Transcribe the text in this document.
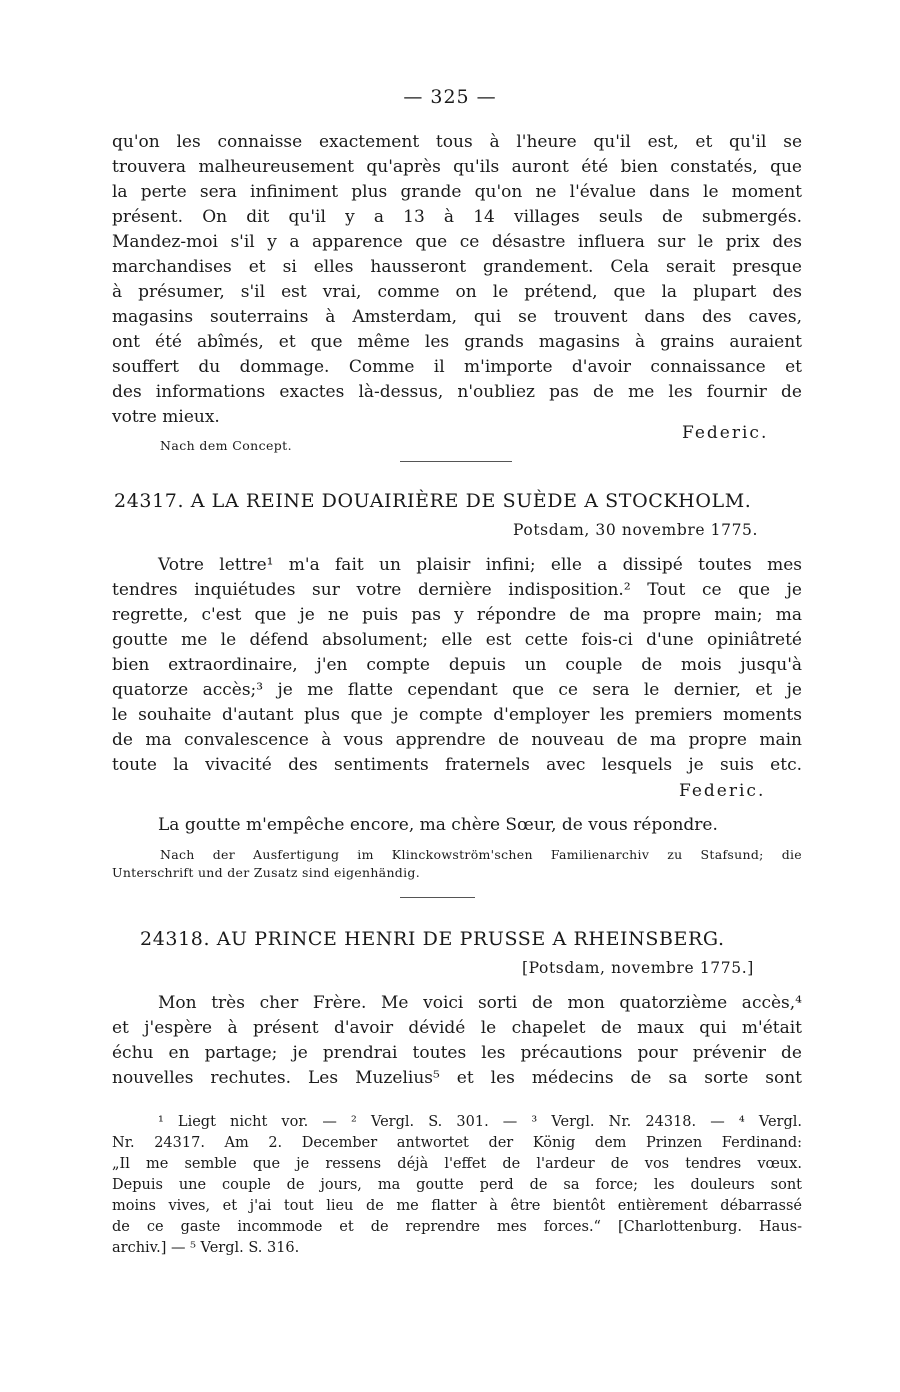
— 325 —
qu'on les connaisse exactement tous à l'heure qu'il est, et qu'il se
trouvera malheureusement qu'après qu'ils auront été bien constatés, que
la perte sera infiniment plus grande qu'on ne l'évalue dans le moment
présent. On dit qu'il y a 13 à 14 villages seuls de submergés.
Mandez-moi s'il y a apparence que ce désastre influera sur le prix des
marchandises et si elles hausseront grandement. Cela serait presque
à présumer, s'il est vrai, comme on le prétend, que la plupart des
magasins souterrains à Amsterdam, qui se trouvent dans des caves,
ont été abîmés, et que même les grands magasins à grains auraient
souffert du dommage. Comme il m'importe d'avoir connaissance et
des informations exactes là-dessus, n'oubliez pas de me les fournir de
votre mieux.
Federic.
Nach dem Concept.
24317. A LA REINE DOUAIRIÈRE DE SUÈDE A STOCKHOLM.
Potsdam, 30 novembre 1775.
Votre lettre¹ m'a fait un plaisir infini; elle a dissipé toutes mes
tendres inquiétudes sur votre dernière indisposition.² Tout ce que je
regrette, c'est que je ne puis pas y répondre de ma propre main; ma
goutte me le défend absolument; elle est cette fois-ci d'une opiniâtreté
bien extraordinaire, j'en compte depuis un couple de mois jusqu'à
quatorze accès;³ je me flatte cependant que ce sera le dernier, et je
le souhaite d'autant plus que je compte d'employer les premiers moments
de ma convalescence à vous apprendre de nouveau de ma propre main
toute la vivacité des sentiments fraternels avec lesquels je suis etc.
Federic.
La goutte m'empêche encore, ma chère Sœur, de vous répondre.
Nach der Ausfertigung im Klinckowström'schen Familienarchiv zu Stafsund; die
Unterschrift und der Zusatz sind eigenhändig.
24318. AU PRINCE HENRI DE PRUSSE A RHEINSBERG.
[Potsdam, novembre 1775.]
Mon très cher Frère. Me voici sorti de mon quatorzième accès,⁴
et j'espère à présent d'avoir dévidé le chapelet de maux qui m'était
échu en partage; je prendrai toutes les précautions pour prévenir de
nouvelles rechutes. Les Muzelius⁵ et les médecins de sa sorte sont
¹ Liegt nicht vor. — ² Vergl. S. 301. — ³ Vergl. Nr. 24318. — ⁴ Vergl.
Nr. 24317. Am 2. December antwortet der König dem Prinzen Ferdinand:
„Il me semble que je ressens déjà l'effet de l'ardeur de vos tendres vœux.
Depuis une couple de jours, ma goutte perd de sa force; les douleurs sont
moins vives, et j'ai tout lieu de me flatter à être bientôt entièrement débarrassé
de ce gaste incommode et de reprendre mes forces.“ [Charlottenburg. Haus-
archiv.] — ⁵ Vergl. S. 316.
